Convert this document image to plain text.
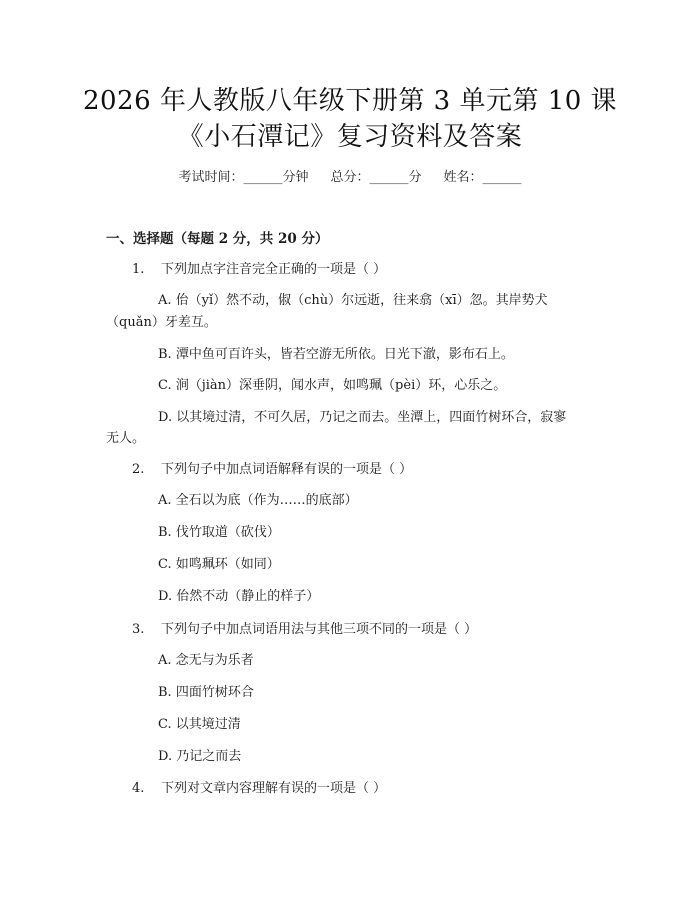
2026 年人教版八年级下册第 3 单元第 10 课
《小石潭记》复习资料及答案
考试时间：______分钟 总分：______分 姓名：______
一、选择题（每题 2 分，共 20 分）
1. 下列加点字注音完全正确的一项是（ ）
A. 佁（yǐ）然不动，俶（chù）尔远逝，往来翕（xī）忽。其岸势犬
（quǎn）牙差互。
B. 潭中鱼可百许头，皆若空游无所依。日光下澈，影布石上。
C. 涧（jiàn）深垂阴，闻水声，如鸣珮（pèi）环，心乐之。
D. 以其境过清，不可久居，乃记之而去。坐潭上，四面竹树环合，寂寥
无人。
2. 下列句子中加点词语解释有误的一项是（ ）
A. 全石以为底（作为……的底部）
B. 伐竹取道（砍伐）
C. 如鸣珮环（如同）
D. 佁然不动（静止的样子）
3. 下列句子中加点词语用法与其他三项不同的一项是（ ）
A. 念无与为乐者
B. 四面竹树环合
C. 以其境过清
D. 乃记之而去
4. 下列对文章内容理解有误的一项是（ ）
